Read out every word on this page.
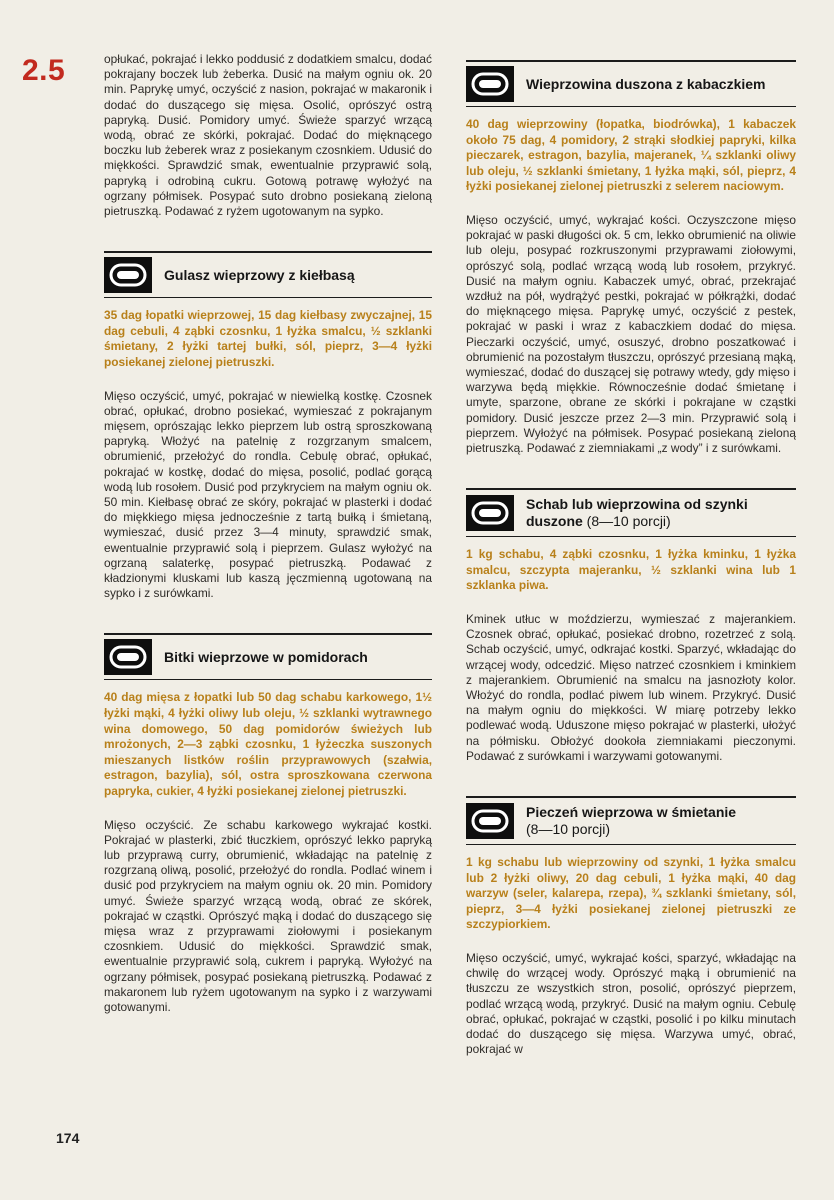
2.5
174

opłukać, pokrajać i lekko poddusić z dodatkiem smalcu, dodać pokrajany boczek lub żeberka. Dusić na małym ogniu ok. 20 min. Paprykę umyć, oczyścić z nasion, pokrajać w makaronik i dodać do duszącego się mięsa. Osolić, oprószyć ostrą papryką. Dusić. Pomidory umyć. Świeże sparzyć wrzącą wodą, obrać ze skórki, pokrajać. Dodać do mięknącego boczku lub żeberek wraz z posiekanym czosnkiem. Udusić do miękkości. Sprawdzić smak, ewentualnie przyprawić solą, papryką i odrobiną cukru. Gotową potrawę wyłożyć na ogrzany półmisek. Posypać suto drobno posiekaną zieloną pietruszką. Podawać z ryżem ugotowanym na sypko.

Gulasz wieprzowy z kiełbasą

35 dag łopatki wieprzowej, 15 dag kiełbasy zwyczajnej, 15 dag cebuli, 4 ząbki czosnku, 1 łyżka smalcu, ½ szklanki śmietany, 2 łyżki tartej bułki, sól, pieprz, 3—4 łyżki posiekanej zielonej pietruszki.

Mięso oczyścić, umyć, pokrajać w niewielką kostkę. Czosnek obrać, opłukać, drobno posiekać, wymieszać z pokrajanym mięsem, oprószając lekko pieprzem lub ostrą sproszkowaną papryką. Włożyć na patelnię z rozgrzanym smalcem, obrumienić, przełożyć do rondla. Cebulę obrać, opłukać, pokrajać w kostkę, dodać do mięsa, posolić, podlać gorącą wodą lub rosołem. Dusić pod przykryciem na małym ogniu ok. 50 min. Kiełbasę obrać ze skóry, pokrajać w plasterki i dodać do miękkiego mięsa jednocześnie z tartą bułką i śmietaną, wymieszać, dusić przez 3—4 minuty, sprawdzić smak, ewentualnie przyprawić solą i pieprzem. Gulasz wyłożyć na ogrzaną salaterkę, posypać pietruszką. Podawać z kładzionymi kluskami lub kaszą jęczmienną ugotowaną na sypko i z surówkami.

Bitki wieprzowe w pomidorach

40 dag mięsa z łopatki lub 50 dag schabu karkowego, 1½ łyżki mąki, 4 łyżki oliwy lub oleju, ½ szklanki wytrawnego wina domowego, 50 dag pomidorów świeżych lub mrożonych, 2—3 ząbki czosnku, 1 łyżeczka suszonych mieszanych listków roślin przyprawowych (szałwia, estragon, bazylia), sól, ostra sproszkowana czerwona papryka, cukier, 4 łyżki posiekanej zielonej pietruszki.

Mięso oczyścić. Ze schabu karkowego wykrajać kostki. Pokrajać w plasterki, zbić tłuczkiem, oprószyć lekko papryką lub przyprawą curry, obrumienić, wkładając na patelnię z rozgrzaną oliwą, posolić, przełożyć do rondla. Podlać winem i dusić pod przykryciem na małym ogniu ok. 20 min. Pomidory umyć. Świeże sparzyć wrzącą wodą, obrać ze skórek, pokrajać w cząstki. Oprószyć mąką i dodać do duszącego się mięsa wraz z przyprawami ziołowymi i posiekanym czosnkiem. Udusić do miękkości. Sprawdzić smak, ewentualnie przyprawić solą, cukrem i papryką. Wyłożyć na ogrzany półmisek, posypać posiekaną pietruszką. Podawać z makaronem lub ryżem ugotowanym na sypko i z warzywami gotowanymi.

Wieprzowina duszona z kabaczkiem

40 dag wieprzowiny (łopatka, biodrówka), 1 kabaczek około 75 dag, 4 pomidory, 2 strąki słodkiej papryki, kilka pieczarek, estragon, bazylia, majeranek, ¼ szklanki oliwy lub oleju, ½ szklanki śmietany, 1 łyżka mąki, sól, pieprz, 4 łyżki posiekanej zielonej pietruszki z selerem naciowym.

Mięso oczyścić, umyć, wykrajać kości. Oczyszczone mięso pokrajać w paski długości ok. 5 cm, lekko obrumienić na oliwie lub oleju, posypać rozkruszonymi przyprawami ziołowymi, oprószyć solą, podlać wrzącą wodą lub rosołem, przykryć. Dusić na małym ogniu. Kabaczek umyć, obrać, przekrajać wzdłuż na pół, wydrążyć pestki, pokrajać w półkrążki, dodać do mięknącego mięsa. Paprykę umyć, oczyścić z pestek, pokrajać w paski i wraz z kabaczkiem dodać do mięsa. Pieczarki oczyścić, umyć, osuszyć, drobno poszatkować i obrumienić na pozostałym tłuszczu, oprószyć przesianą mąką, wymieszać, dodać do duszącej się potrawy wtedy, gdy mięso i warzywa będą miękkie. Równocześnie dodać śmietanę i umyte, sparzone, obrane ze skórki i pokrajane w cząstki pomidory. Dusić jeszcze przez 2—3 min. Przyprawić solą i pieprzem. Wyłożyć na półmisek. Posypać posiekaną zieloną pietruszką. Podawać z ziemniakami „z wody” i z surówkami.

Schab lub wieprzowina od szynki duszone (8—10 porcji)

1 kg schabu, 4 ząbki czosnku, 1 łyżka kminku, 1 łyżka smalcu, szczypta majeranku, ½ szklanki wina lub 1 szklanka piwa.

Kminek utłuc w moździerzu, wymieszać z majerankiem. Czosnek obrać, opłukać, posiekać drobno, rozetrzeć z solą. Schab oczyścić, umyć, odkrajać kostki. Sparzyć, wkładając do wrzącej wody, odcedzić. Mięso natrzeć czosnkiem i kminkiem z majerankiem. Obrumienić na smalcu na jasnozłoty kolor. Włożyć do rondla, podlać piwem lub winem. Przykryć. Dusić na małym ogniu do miękkości. W miarę potrzeby lekko podlewać wodą. Uduszone mięso pokrajać w plasterki, ułożyć na półmisku. Obłożyć dookoła ziemniakami pieczonymi. Podawać z surówkami i warzywami gotowanymi.

Pieczeń wieprzowa w śmietanie
(8—10 porcji)

1 kg schabu lub wieprzowiny od szynki, 1 łyżka smalcu lub 2 łyżki oliwy, 20 dag cebuli, 1 łyżka mąki, 40 dag warzyw (seler, kalarepa, rzepa), ¾ szklanki śmietany, sól, pieprz, 3—4 łyżki posiekanej zielonej pietruszki ze szczypiorkiem.

Mięso oczyścić, umyć, wykrajać kości, sparzyć, wkładając na chwilę do wrzącej wody. Oprószyć mąką i obrumienić na tłuszczu ze wszystkich stron, posolić, oprószyć pieprzem, podlać wrzącą wodą, przykryć. Dusić na małym ogniu. Cebulę obrać, opłukać, pokrajać w cząstki, posolić i po kilku minutach dodać do duszącego się mięsa. Warzywa umyć, obrać, pokrajać w
